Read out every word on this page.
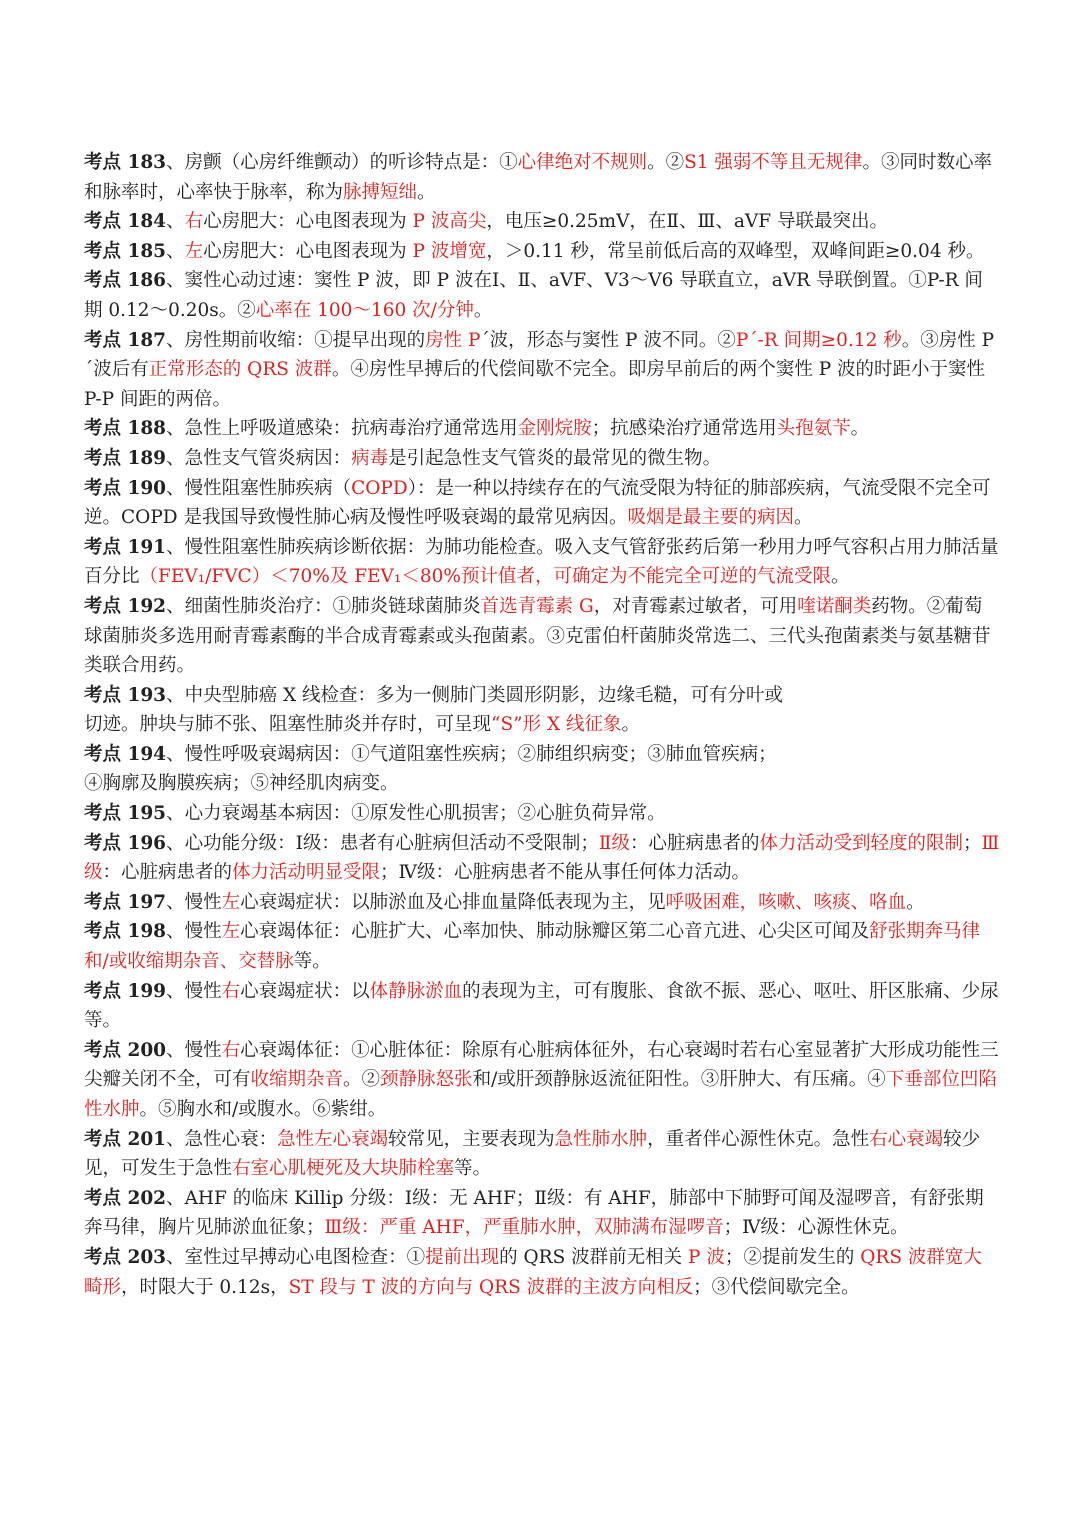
考点 183、房颤（心房纤维颤动）的听诊特点是：①心律绝对不规则。②S1 强弱不等且无规律。③同时数心率和脉率时，心率快于脉率，称为脉搏短绌。

考点 184、右心房肥大：心电图表现为 P 波高尖，电压≥0.25mV，在Ⅱ、Ⅲ、aVF 导联最突出。

考点 185、左心房肥大：心电图表现为 P 波增宽，＞0.11 秒，常呈前低后高的双峰型，双峰间距≥0.04 秒。

考点 186、窦性心动过速：窦性 P 波，即 P 波在Ⅰ、Ⅱ、aVF、V3～V6 导联直立，aVR 导联倒置。①P-R 间期 0.12～0.20s。②心率在 100～160 次/分钟。

考点 187、房性期前收缩：①提早出现的房性 P´波，形态与窦性 P 波不同。②P´-R 间期≥0.12 秒。③房性 P´波后有正常形态的 QRS 波群。④房性早搏后的代偿间歇不完全。即房早前后的两个窦性 P 波的时距小于窦性 P-P 间距的两倍。

考点 188、急性上呼吸道感染：抗病毒治疗通常选用金刚烷胺；抗感染治疗通常选用头孢氨苄。

考点 189、急性支气管炎病因：病毒是引起急性支气管炎的最常见的微生物。

考点 190、慢性阻塞性肺疾病（COPD）：是一种以持续存在的气流受限为特征的肺部疾病，气流受限不完全可逆。COPD 是我国导致慢性肺心病及慢性呼吸衰竭的最常见病因。吸烟是最主要的病因。

考点 191、慢性阻塞性肺疾病诊断依据：为肺功能检查。吸入支气管舒张药后第一秒用力呼气容积占用力肺活量百分比（FEV₁/FVC）＜70%及 FEV₁＜80%预计值者，可确定为不能完全可逆的气流受限。

考点 192、细菌性肺炎治疗：①肺炎链球菌肺炎首选青霉素 G，对青霉素过敏者，可用喹诺酮类药物。②葡萄球菌肺炎多选用耐青霉素酶的半合成青霉素或头孢菌素。③克雷伯杆菌肺炎常选二、三代头孢菌素类与氨基糖苷类联合用药。

考点 193、中央型肺癌 X 线检查：多为一侧肺门类圆形阴影，边缘毛糙，可有分叶或
切迹。肿块与肺不张、阻塞性肺炎并存时，可呈现“S”形 X 线征象。

考点 194、慢性呼吸衰竭病因：①气道阻塞性疾病；②肺组织病变；③肺血管疾病；
④胸廓及胸膜疾病；⑤神经肌肉病变。

考点 195、心力衰竭基本病因：①原发性心肌损害；②心脏负荷异常。

考点 196、心功能分级：Ⅰ级：患者有心脏病但活动不受限制；Ⅱ级：心脏病患者的体力活动受到轻度的限制；Ⅲ级：心脏病患者的体力活动明显受限；Ⅳ级：心脏病患者不能从事任何体力活动。

考点 197、慢性左心衰竭症状：以肺淤血及心排血量降低表现为主，见呼吸困难，咳嗽、咳痰、咯血。

考点 198、慢性左心衰竭体征：心脏扩大、心率加快、肺动脉瓣区第二心音亢进、心尖区可闻及舒张期奔马律和/或收缩期杂音、交替脉等。

考点 199、慢性右心衰竭症状：以体静脉淤血的表现为主，可有腹胀、食欲不振、恶心、呕吐、肝区胀痛、少尿等。

考点 200、慢性右心衰竭体征：①心脏体征：除原有心脏病体征外，右心衰竭时若右心室显著扩大形成功能性三尖瓣关闭不全，可有收缩期杂音。②颈静脉怒张和/或肝颈静脉返流征阳性。③肝肿大、有压痛。④下垂部位凹陷性水肿。⑤胸水和/或腹水。⑥紫绀。

考点 201、急性心衰：急性左心衰竭较常见，主要表现为急性肺水肿，重者伴心源性休克。急性右心衰竭较少见，可发生于急性右室心肌梗死及大块肺栓塞等。

考点 202、AHF 的临床 Killip 分级：Ⅰ级：无 AHF；Ⅱ级：有 AHF，肺部中下肺野可闻及湿啰音，有舒张期奔马律，胸片见肺淤血征象；Ⅲ级：严重 AHF，严重肺水肿，双肺满布湿啰音；Ⅳ级：心源性休克。

考点 203、室性过早搏动心电图检查：①提前出现的 QRS 波群前无相关 P 波；②提前发生的 QRS 波群宽大畸形，时限大于 0.12s，ST 段与 T 波的方向与 QRS 波群的主波方向相反；③代偿间歇完全。
